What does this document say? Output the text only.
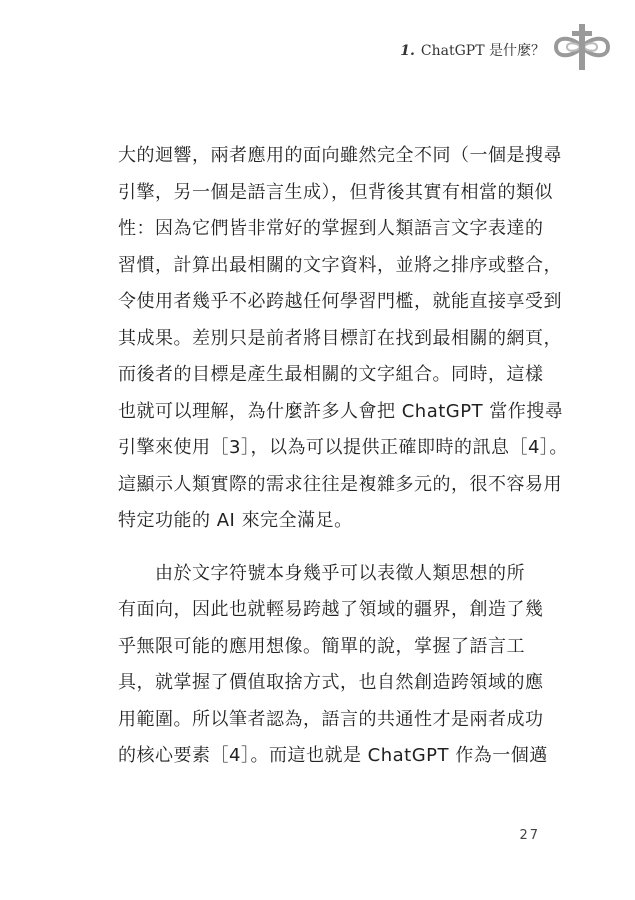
1. ChatGPT 是什麼？
大的迴響，兩者應用的面向雖然完全不同（一個是搜尋
引擎，另一個是語言生成），但背後其實有相當的類似
性：因為它們皆非常好的掌握到人類語言文字表達的
習慣，計算出最相關的文字資料，並將之排序或整合，
令使用者幾乎不必跨越任何學習門檻，就能直接享受到
其成果。差別只是前者將目標訂在找到最相關的網頁，
而後者的目標是產生最相關的文字組合。同時，這樣
也就可以理解，為什麼許多人會把 ChatGPT 當作搜尋
引擎來使用［3］，以為可以提供正確即時的訊息［4］。
這顯示人類實際的需求往往是複雜多元的，很不容易用
特定功能的 AI 來完全滿足。
　　由於文字符號本身幾乎可以表徵人類思想的所
有面向，因此也就輕易跨越了領域的疆界，創造了幾
乎無限可能的應用想像。簡單的說，掌握了語言工
具，就掌握了價值取捨方式，也自然創造跨領域的應
用範圍。所以筆者認為，語言的共通性才是兩者成功
的核心要素［4］。而這也就是 ChatGPT 作為一個邁
27
